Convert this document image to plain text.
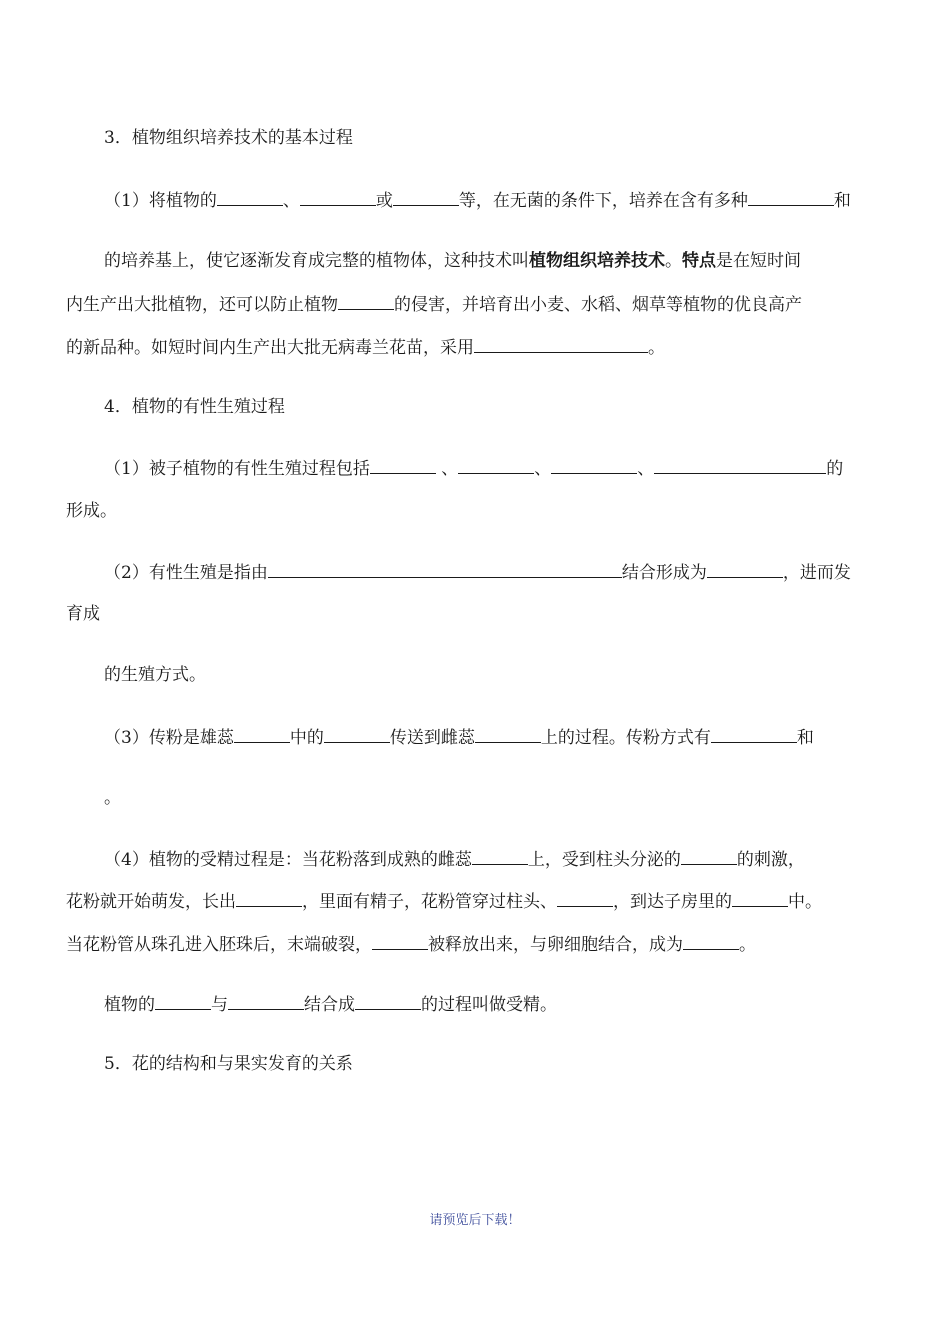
3．植物组织培养技术的基本过程
（1）将植物的	、	或	等，在无菌的条件下，培养在含有多种	和
的培养基上，使它逐渐发育成完整的植物体，这种技术叫植物组织培养技术。特点是在短时间
内生产出大批植物，还可以防止植物	的侵害，并培育出小麦、水稻、烟草等植物的优良高产
的新品种。如短时间内生产出大批无病毒兰花苗，采用	。
4．植物的有性生殖过程
（1）被子植物的有性生殖过程包括	、	、	、	的
形成。
（2）有性生殖是指由	结合形成为	，进而发
育成
的生殖方式。
（3）传粉是雄蕊	中的	传送到雌蕊	上的过程。传粉方式有	和
。
（4）植物的受精过程是：当花粉落到成熟的雌蕊	上，受到柱头分泌的	的刺激，
花粉就开始萌发，长出	，里面有精子，花粉管穿过柱头、	，到达子房里的	中。
当花粉管从珠孔进入胚珠后，末端破裂，	被释放出来，与卵细胞结合，成为	。
植物的	与	结合成	的过程叫做受精。
5．花的结构和与果实发育的关系
请预览后下载！
